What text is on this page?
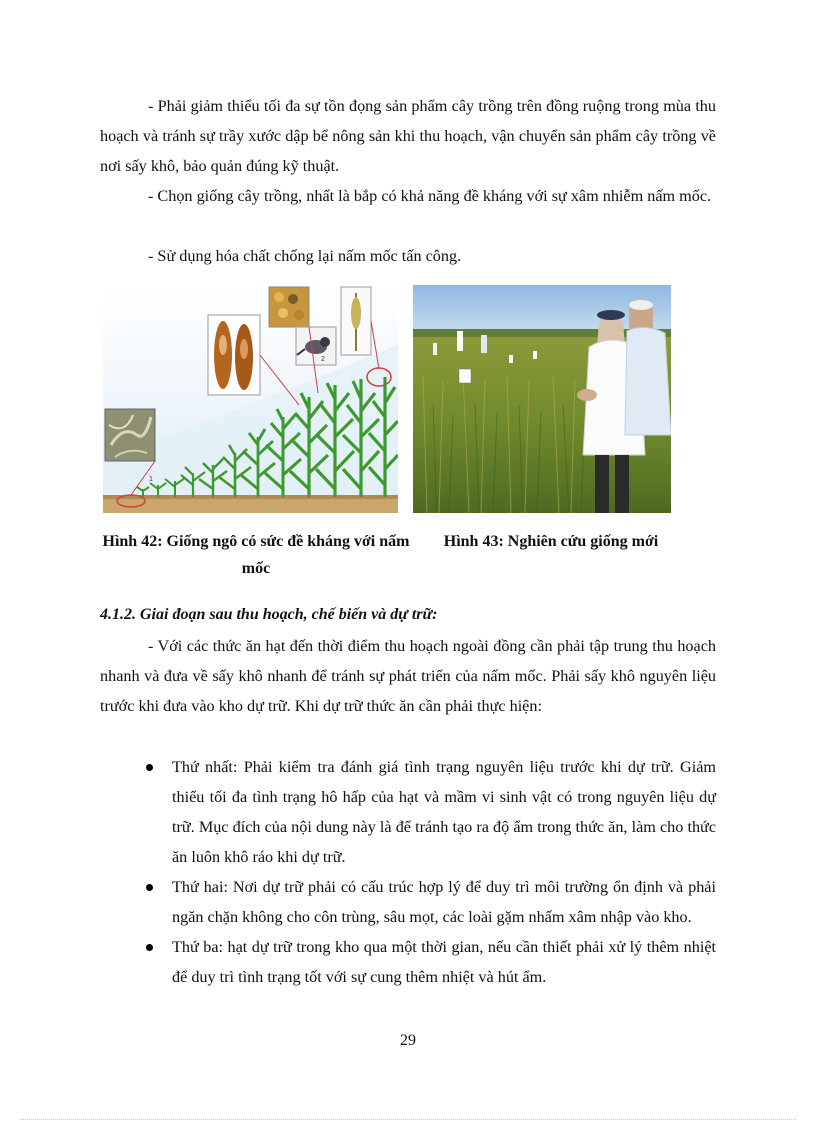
- Phải giảm thiểu tối đa sự tồn đọng sản phẩm cây trồng trên đồng ruộng trong mùa thu hoạch và tránh sự trầy xước dập bể nông sản khi thu hoạch, vận chuyển sản phẩm cây trồng về nơi sấy khô, bảo quản đúng kỹ thuật.

- Chọn giống cây trồng, nhất là bắp có khả năng đề kháng với sự xâm nhiễm nấm mốc.

- Sử dụng hóa chất chống lại nấm mốc tấn công.

1
2

Hình 42: Giống ngô có sức đề kháng với nấm mốc

Hình 43: Nghiên cứu giống mới

4.1.2. Giai đoạn sau thu hoạch, chế biến và dự trữ:

- Với các thức ăn hạt đến thời điểm thu hoạch ngoài đồng cần phải tập trung thu hoạch nhanh và đưa về sấy khô nhanh để tránh sự phát triển của nấm mốc. Phải sấy khô nguyên liệu trước khi đưa vào kho dự trữ. Khi dự trữ thức ăn cần phải thực hiện:

Thứ nhất: Phải kiểm tra đánh giá tình trạng nguyên liệu trước khi dự trữ. Giảm thiểu tối đa tình trạng hô hấp của hạt và mầm vi sinh vật có trong nguyên liệu dự trữ. Mục đích của nội dung này là để tránh tạo ra độ ẩm trong thức ăn, làm cho thức ăn luôn khô ráo khi dự trữ.
Thứ hai: Nơi dự trữ phải có cấu trúc hợp lý để duy trì môi trường ổn định và phải ngăn chặn không cho côn trùng, sâu mọt, các loài gặm nhấm xâm nhập vào kho.
Thứ ba: hạt dự trữ trong kho qua một thời gian, nếu cần thiết phải xử lý thêm nhiệt để duy trì tình trạng tốt với sự cung thêm nhiệt và hút ẩm.
29
